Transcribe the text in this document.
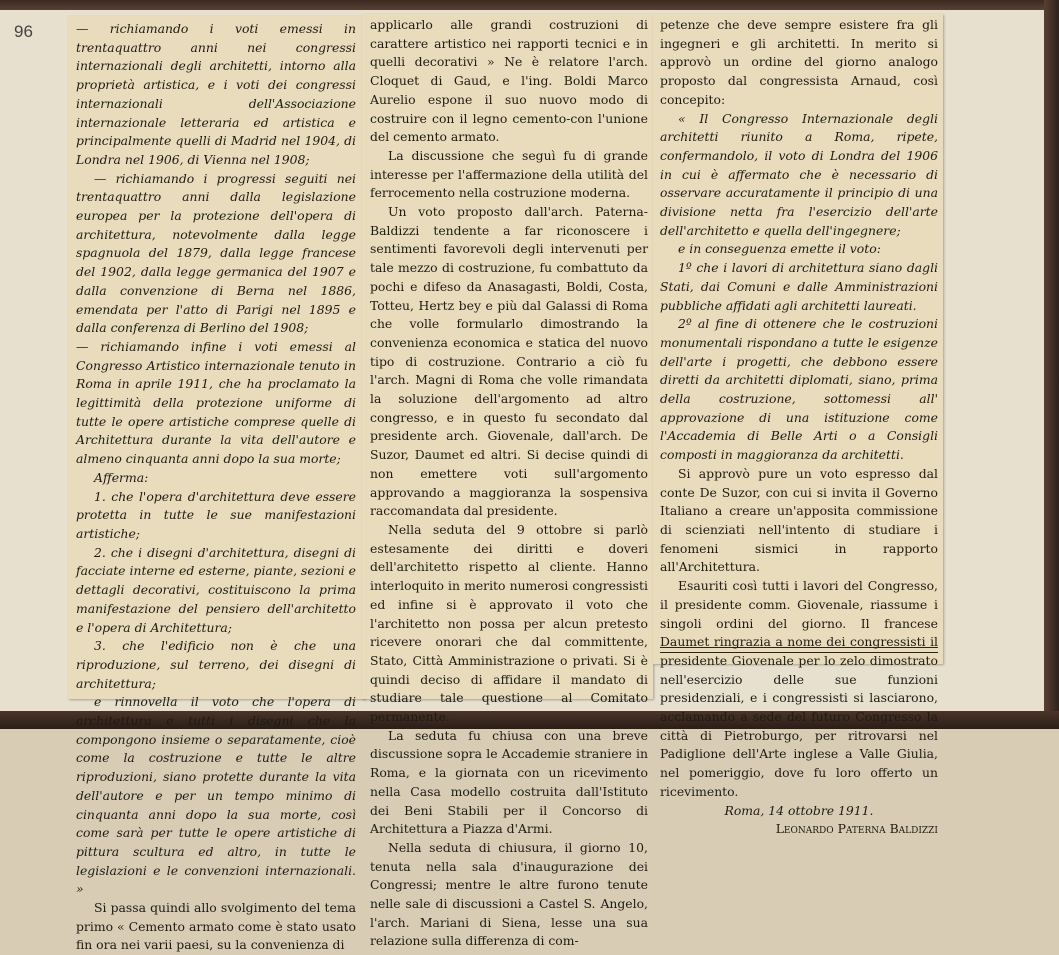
96	— richiamando i voti emessi in trentaquattro anni nei congressi internazionali degli architetti, intorno alla proprietà artistica, e i voti dei congressi internazionali dell'Associazione internazionale letteraria ed artistica e principalmente quelli di Madrid nel 1904, di Londra nel 1906, di Vienna nel 1908;

— richiamando i progressi seguiti nei trentaquattro anni dalla legislazione europea per la protezione dell'opera di architettura, notevolmente dalla legge spagnuola del 1879, dalla legge francese del 1902, dalla legge germanica del 1907 e dalla convenzione di Berna nel 1886, emendata per l'atto di Parigi nel 1895 e dalla conferenza di Berlino del 1908;

— richiamando infine i voti emessi al Congresso Artistico internazionale tenuto in Roma in aprile 1911, che ha proclamato la legittimità della protezione uniforme di tutte le opere artistiche comprese quelle di Architettura durante la vita dell'autore e almeno cinquanta anni dopo la sua morte;

Afferma:

1. che l'opera d'architettura deve essere protetta in tutte le sue manifestazioni artistiche;

2. che i disegni d'architettura, disegni di facciate interne ed esterne, piante, sezioni e dettagli decorativi, costituiscono la prima manifestazione del pensiero dell'architetto e l'opera di Architettura;

3. che l'edificio non è che una riproduzione, sul terreno, dei disegni di architettura;

e rinnovella il voto che l'opera di architettura e tutti i disegni che la compongono insieme o separatamente, cioè come la costruzione e tutte le altre riproduzioni, siano protette durante la vita dell'autore e per un tempo minimo di cinquanta anni dopo la sua morte, così come sarà per tutte le opere artistiche di pittura scultura ed altro, in tutte le legislazioni e le convenzioni internazionali. »

Si passa quindi allo svolgimento del tema primo « Cemento armato come è stato usato fin ora nei varii paesi, su la convenienza di

applicarlo alle grandi costruzioni di carattere artistico nei rapporti tecnici e in quelli decorativi » Ne è relatore l'arch. Cloquet di Gaud, e l'ing. Boldi Marco Aurelio espone il suo nuovo modo di costruire con il legno cemento-con l'unione del cemento armato.

La discussione che seguì fu di grande interesse per l'affermazione della utilità del ferrocemento nella costruzione moderna.

Un voto proposto dall'arch. Paterna-Baldizzi tendente a far riconoscere i sentimenti favorevoli degli intervenuti per tale mezzo di costruzione, fu combattuto da pochi e difeso da Anasagasti, Boldi, Costa, Totteu, Hertz bey e più dal Galassi di Roma che volle formularlo dimostrando la convenienza economica e statica del nuovo tipo di costruzione. Contrario a ciò fu l'arch. Magni di Roma che volle rimandata la soluzione dell'argomento ad altro congresso, e in questo fu secondato dal presidente arch. Giovenale, dall'arch. De Suzor, Daumet ed altri. Si decise quindi di non emettere voti sull'argomento approvando a maggioranza la sospensiva raccomandata dal presidente.

Nella seduta del 9 ottobre si parlò estesamente dei diritti e doveri dell'architetto rispetto al cliente. Hanno interloquito in merito numerosi congressisti ed infine si è approvato il voto che l'architetto non possa per alcun pretesto ricevere onorari che dal committente, Stato, Città Amministrazione o privati. Si è quindi deciso di affidare il mandato di studiare tale questione al Comitato permanente.

La seduta fu chiusa con una breve discussione sopra le Accademie straniere in Roma, e la giornata con un ricevimento nella Casa modello costruita dall'Istituto dei Beni Stabili per il Concorso di Architettura a Piazza d'Armi.

Nella seduta di chiusura, il giorno 10, tenuta nella sala d'inaugurazione dei Congressi; mentre le altre furono tenute nelle sale di discussioni a Castel S. Angelo, l'arch. Mariani di Siena, lesse una sua relazione sulla differenza di com-

petenze che deve sempre esistere fra gli ingegneri e gli architetti. In merito si approvò un ordine del giorno analogo proposto dal congressista Arnaud, così concepito:

« Il Congresso Internazionale degli architetti riunito a Roma, ripete, confermandolo, il voto di Londra del 1906 in cui è affermato che è necessario di osservare accuratamente il principio di una divisione netta fra l'esercizio dell'arte dell'architetto e quella dell'ingegnere;

e in conseguenza emette il voto:

1º che i lavori di architettura siano dagli Stati, dai Comuni e dalle Amministrazioni pubbliche affidati agli architetti laureati.

2º al fine di ottenere che le costruzioni monumentali rispondano a tutte le esigenze dell'arte i progetti, che debbono essere diretti da architetti diplomati, siano, prima della costruzione, sottomessi all' approvazione di una istituzione come l'Accademia di Belle Arti o a Consigli composti in maggioranza da architetti.

Si approvò pure un voto espresso dal conte De Suzor, con cui si invita il Governo Italiano a creare un'apposita commissione di scienziati nell'intento di studiare i fenomeni sismici in rapporto all'Architettura.

Esauriti così tutti i lavori del Congresso, il presidente comm. Giovenale, riassume i singoli ordini del giorno. Il francese Daumet ringrazia a nome dei congressisti il presidente Giovenale per lo zelo dimostrato nell'esercizio delle sue funzioni presidenziali, e i congressisti si lasciarono, acclamando a sede del futuro Congresso la città di Pietroburgo, per ritrovarsi nel Padiglione dell'Arte inglese a Valle Giulia, nel pomeriggio, dove fu loro offerto un ricevimento.

Roma, 14 ottobre 1911.

Leonardo Paterna Baldizzi
